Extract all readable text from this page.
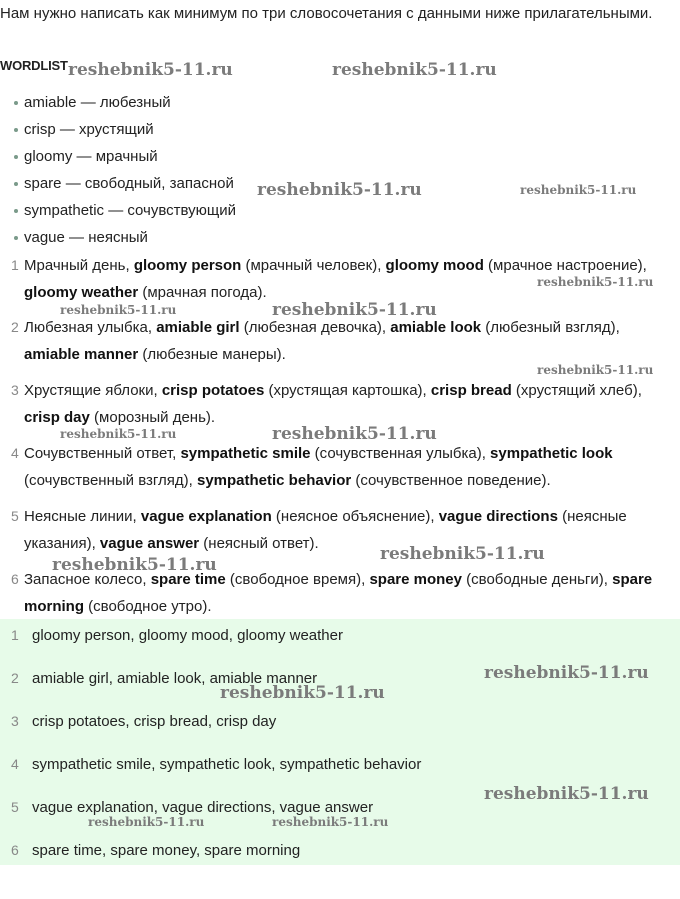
Нам нужно написать как минимум по три словосочетания с данными ниже прилагательными.
WORDLIST
amiable — любезный
crisp — хрустящий
gloomy — мрачный
spare — свободный, запасной
sympathetic — сочувствующий
vague — неясный
1 Мрачный день, gloomy person (мрачный человек), gloomy mood (мрачное настроение), gloomy weather (мрачная погода).
2 Любезная улыбка, amiable girl (любезная девочка), amiable look (любезный взгляд), amiable manner (любезные манеры).
3 Хрустящие яблоки, crisp potatoes (хрустящая картошка), crisp bread (хрустящий хлеб), crisp day (морозный день).
4 Сочувственный ответ, sympathetic smile (сочувственная улыбка), sympathetic look (сочувственный взгляд), sympathetic behavior (сочувственное поведение).
5 Неясные линии, vague explanation (неясное объяснение), vague directions (неясные указания), vague answer (неясный ответ).
6 Запасное колесо, spare time (свободное время), spare money (свободные деньги), spare morning (свободное утро).
1 gloomy person, gloomy mood, gloomy weather
2 amiable girl, amiable look, amiable manner
3 crisp potatoes, crisp bread, crisp day
4 sympathetic smile, sympathetic look, sympathetic behavior
5 vague explanation, vague directions, vague answer
6 spare time, spare money, spare morning
reshebnik5-11.ru	reshebnik5-11.ru
reshebnik5-11.ru	reshebnik5-11.ru
reshebnik5-11.ru
reshebnik5-11.ru	reshebnik5-11.ru
reshebnik5-11.ru
reshebnik5-11.ru	reshebnik5-11.ru
reshebnik5-11.ru
reshebnik5-11.ru
reshebnik5-11.ru
reshebnik5-11.ru
reshebnik5-11.ru
reshebnik5-11.ru	reshebnik5-11.ru
